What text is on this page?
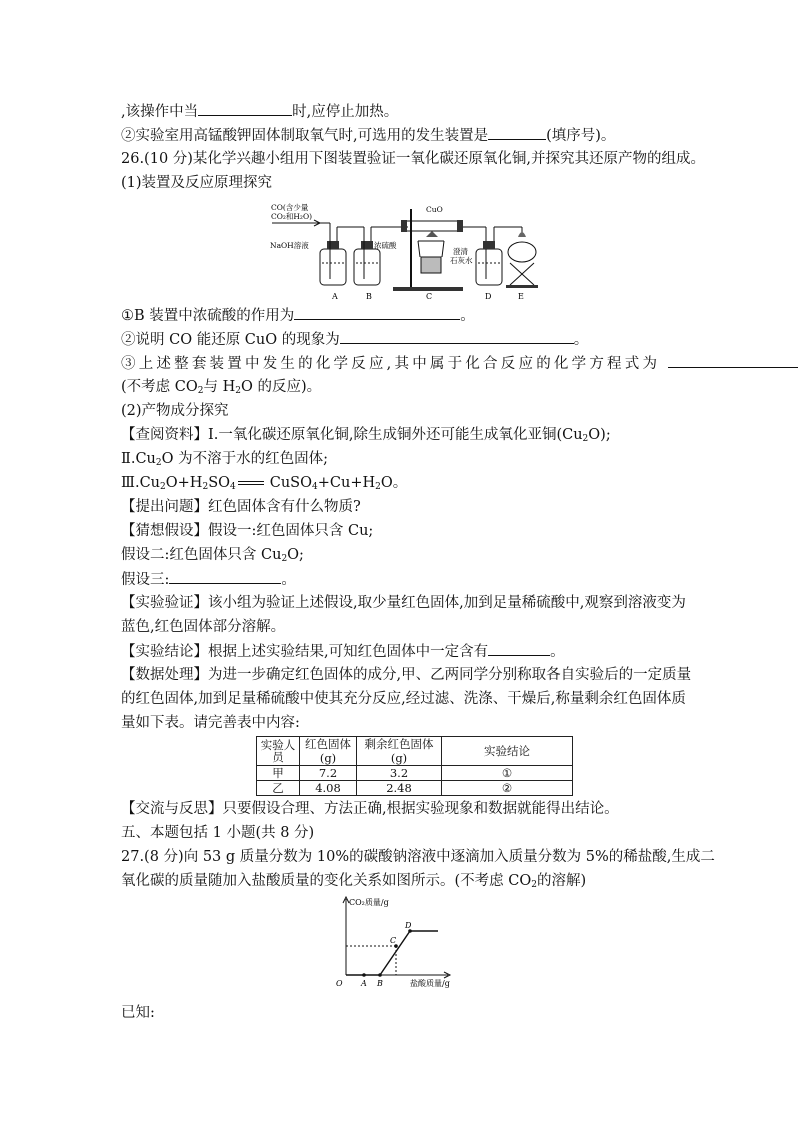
,该操作中当	时,应停止加热。
②实验室用高锰酸钾固体制取氧气时,可选用的发生装置是	(填序号)。
26.(10 分)某化学兴趣小组用下图装置验证一氧化碳还原氧化铜,并探究其还原产物的组成。
(1)装置及反应原理探究
CO(含少量
CO₂和H₂O)
NaOH溶液
A	B
浓硫酸
CuO
C
澄清
石灰水
D	E
①B 装置中浓硫酸的作用为	。
②说明 CO 能还原 CuO 的现象为	。
③上述整套装置中发生的化学反应,其中属于化合反应的化学方程式为
(不考虑 $CO_2$与 $H_2O$ 的反应)。
(2)产物成分探究
【查阅资料】Ⅰ.一氧化碳还原氧化铜,除生成铜外还可能生成氧化亚铜$(Cu_2O)$;
$Ⅱ.Cu_2O$ 为不溶于水的红色固体;
$Ⅲ.Cu_2O+H_2SO_4$ $CuSO_4+Cu+H_2O$。
【提出问题】红色固体含有什么物质?
【猜想假设】假设一:红色固体只含 Cu;
假设二:红色固体只含 $Cu_2O$;
假设三:	。
【实验验证】该小组为验证上述假设,取少量红色固体,加到足量稀硫酸中,观察到溶液变为
蓝色,红色固体部分溶解。
【实验结论】根据上述实验结果,可知红色固体中一定含有	。
【数据处理】为进一步确定红色固体的成分,甲、乙两同学分别称取各自实验后的一定质量
的红色固体,加到足量稀硫酸中使其充分反应,经过滤、洗涤、干燥后,称量剩余红色固体质
量如下表。请完善表中内容:
实验人员	红色固体(g)	剩余红色固体(g)	实验结论
甲	7.2	3.2	①
乙	4.08	2.48	②
【交流与反思】只要假设合理、方法正确,根据实验现象和数据就能得出结论。
五、本题包括 1 小题(共 8 分)
27.(8 分)向 53 g 质量分数为 10%的碳酸钠溶液中逐滴加入质量分数为 5%的稀盐酸,生成二
氧化碳的质量随加入盐酸质量的变化关系如图所示。(不考虑 $CO_2$的溶解)
CO₂质量/g
O A B
C
D
盐酸质量/g
已知:
